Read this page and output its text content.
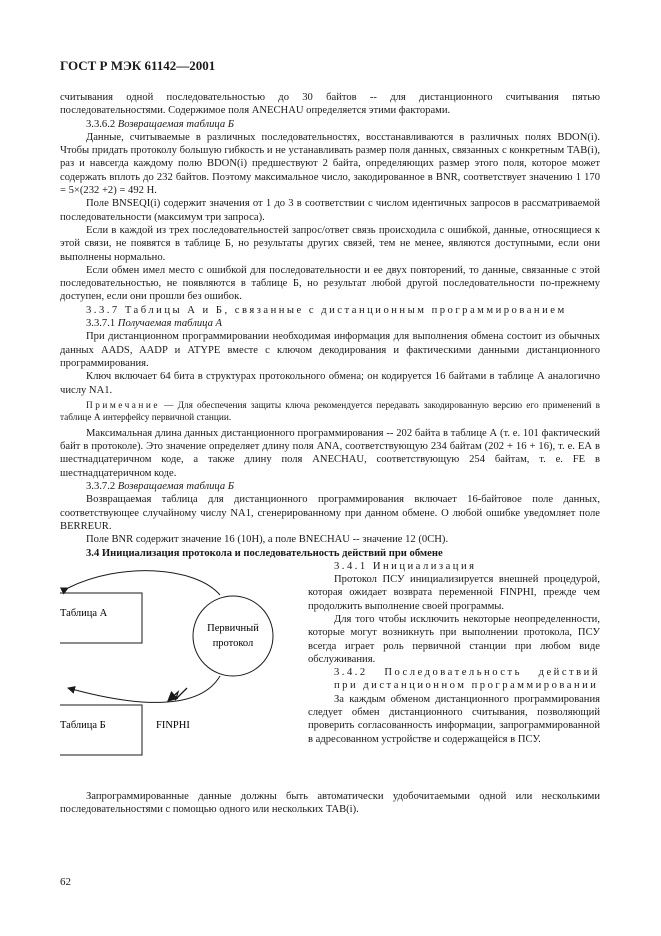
ГОСТ Р МЭК 61142—2001

считывания одной последовательностью до 30 байтов -- для дистанционного считывания пятью последовательностями. Содержимое поля ANECHAU определяется этими факторами.

3.3.6.2 Возвращаемая таблица Б

Данные, считываемые в различных последовательностях, восстанавливаются в различных полях BDON(i). Чтобы придать протоколу большую гибкость и не устанавливать размер поля данных, связанных с конкретным TAB(i), раз и навсегда каждому полю BDON(i) предшествуют 2 байта, определяющих размер этого поля, которое может содержать вплоть до 232 байтов. Поэтому максимальное число, закодированное в BNR, соответствует значению 1 170 = 5×(232 +2) = 492 Н.

Поле BNSEQI(i) содержит значения от 1 до 3 в соответствии с числом идентичных запросов в рассматриваемой последовательности (максимум три запроса).

Если в каждой из трех последовательностей запрос/ответ связь происходила с ошибкой, данные, относящиеся к этой связи, не появятся в таблице Б, но результаты других связей, тем не менее, являются доступными, если они выполнены нормально.

Если обмен имел место с ошибкой для последовательности и ее двух повторений, то данные, связанные с этой последовательностью, не появляются в таблице Б, но результат любой другой последовательности по-прежнему доступен, если они прошли без ошибок.

3.3.7 Таблицы А и Б, связанные с дистанционным программированием

3.3.7.1 Получаемая таблица А

При дистанционном программировании необходимая информация для выполнения обмена состоит из обычных данных AADS, AADP и ATYPE вместе с ключом декодирования и фактическими данными дистанционного программирования.

Ключ включает 64 бита в структурах протокольного обмена; он кодируется 16 байтами в таблице А аналогично числу NA1.

Примечание — Для обеспечения защиты ключа рекомендуется передавать закодированную версию его применений в таблице А интерфейсу первичной станции.

Максимальная длина данных дистанционного программирования -- 202 байта в таблице А (т. е. 101 фактический байт в протоколе). Это значение определяет длину поля ANA, соответствующую 234 байтам (202 + 16 + 16), т. е. ЕА в шестнадцатеричном коде, а также длину поля ANECHAU, соответствующую 254 байтам, т. е. FE в шестнадцатеричном коде.

3.3.7.2 Возвращаемая таблица Б

Возвращаемая таблица для дистанционного программирования включает 16-байтовое поле данных, соответствующее случайному числу NA1, сгенерированному при данном обмене. О любой ошибке уведомляет поле BERREUR.

Поле BNR содержит значение 16 (10Н), а поле BNECHAU -- значение 12 (0CH).

3.4 Инициализация протокола и последовательность действий при обмене

Таблица А
Таблица Б
Первичный
протокол
FINPHI

3.4.1 Инициализация

Протокол ПСУ инициализируется внешней процедурой, которая ожидает возврата переменной FINPHI, прежде чем продолжить выполнение своей программы.

Для того чтобы исключить некоторые неопределенности, которые могут возникнуть при выполнении протокола, ПСУ всегда играет роль первичной станции при любом виде обслуживания.

3.4.2 Последовательность действий при дистанционном программировании

За каждым обменом дистанционного программирования следует обмен дистанционного считывания, позволяющий проверить согласованность информации, запрограммированной в адресованном устройстве и содержащейся в ПСУ.

Запрограммированные данные должны быть автоматически удобочитаемыми одной или несколькими последовательностями с помощью одного или нескольких TAB(i).

62
